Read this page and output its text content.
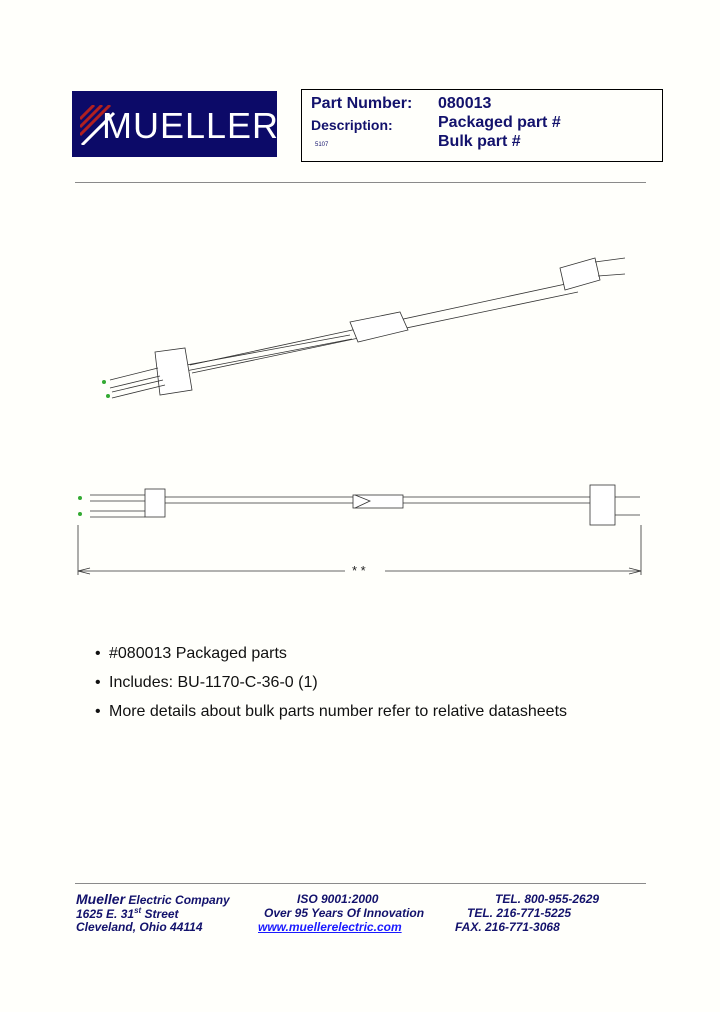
MUELLER
Part Number: 080013
Description:	Packaged part #
Bulk part #
5107
* *
• #080013 Packaged parts
• Includes: BU-1170-C-36-0 (1)
• More details about bulk parts number refer to relative datasheets
Mueller Electric Company
1625 E. 31st Street
Cleveland, Ohio 44114
ISO 9001:2000
Over 95 Years Of Innovation
www.muellerelectric.com
TEL. 800-955-2629
TEL. 216-771-5225
FAX. 216-771-3068
